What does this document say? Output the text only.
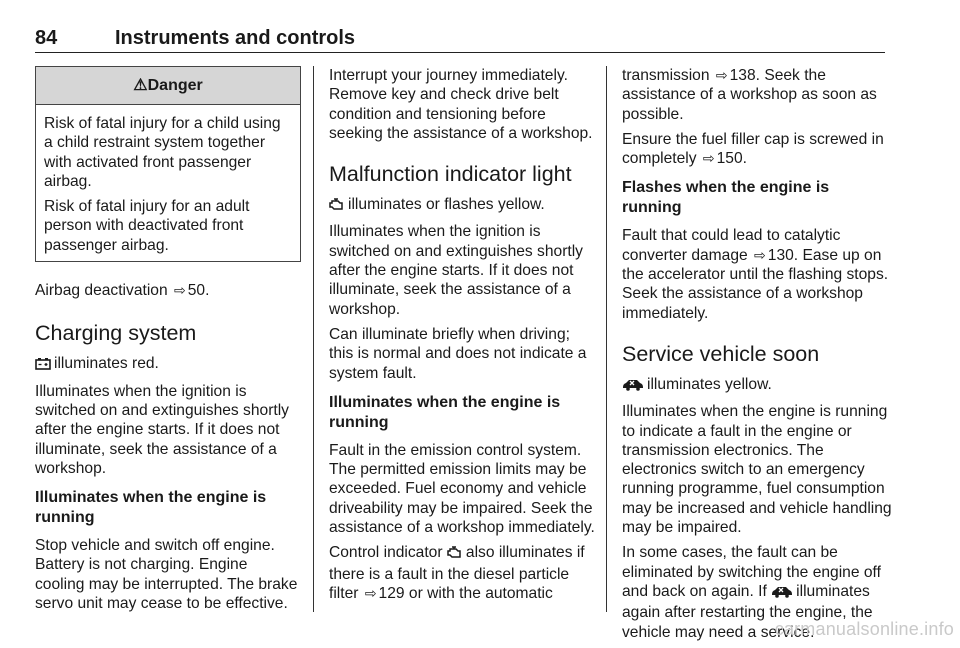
84	Instruments and controls
⚠Danger

Risk of fatal injury for a child using a child restraint system together with activated front passenger airbag.

Risk of fatal injury for an adult person with deactivated front passenger airbag.

Airbag deactivation ⇨ 50.

Charging system

illuminates red.

Illuminates when the ignition is switched on and extinguishes shortly after the engine starts. If it does not illuminate, seek the assistance of a workshop.

Illuminates when the engine is running

Stop vehicle and switch off engine. Battery is not charging. Engine cooling may be interrupted. The brake servo unit may cease to be effective.

Interrupt your journey immediately. Remove key and check drive belt condition and tensioning before seeking the assistance of a workshop.

Malfunction indicator light

illuminates or flashes yellow.

Illuminates when the ignition is switched on and extinguishes shortly after the engine starts. If it does not illuminate, seek the assistance of a workshop.

Can illuminate briefly when driving; this is normal and does not indicate a system fault.

Illuminates when the engine is running

Fault in the emission control system. The permitted emission limits may be exceeded. Fuel economy and vehicle driveability may be impaired. Seek the assistance of a workshop immediately.

Control indicator also illuminates if there is a fault in the diesel particle filter ⇨ 129 or with the automatic

transmission ⇨ 138. Seek the assistance of a workshop as soon as possible.

Ensure the fuel filler cap is screwed in completely ⇨ 150.

Flashes when the engine is running

Fault that could lead to catalytic converter damage ⇨ 130. Ease up on the accelerator until the flashing stops. Seek the assistance of a workshop immediately.

Service vehicle soon

illuminates yellow.

Illuminates when the engine is running to indicate a fault in the engine or transmission electronics. The electronics switch to an emergency running programme, fuel consumption may be increased and vehicle handling may be impaired.

In some cases, the fault can be eliminated by switching the engine off and back on again. If illuminates again after restarting the engine, the vehicle may need a service.

carmanualsonline.info
